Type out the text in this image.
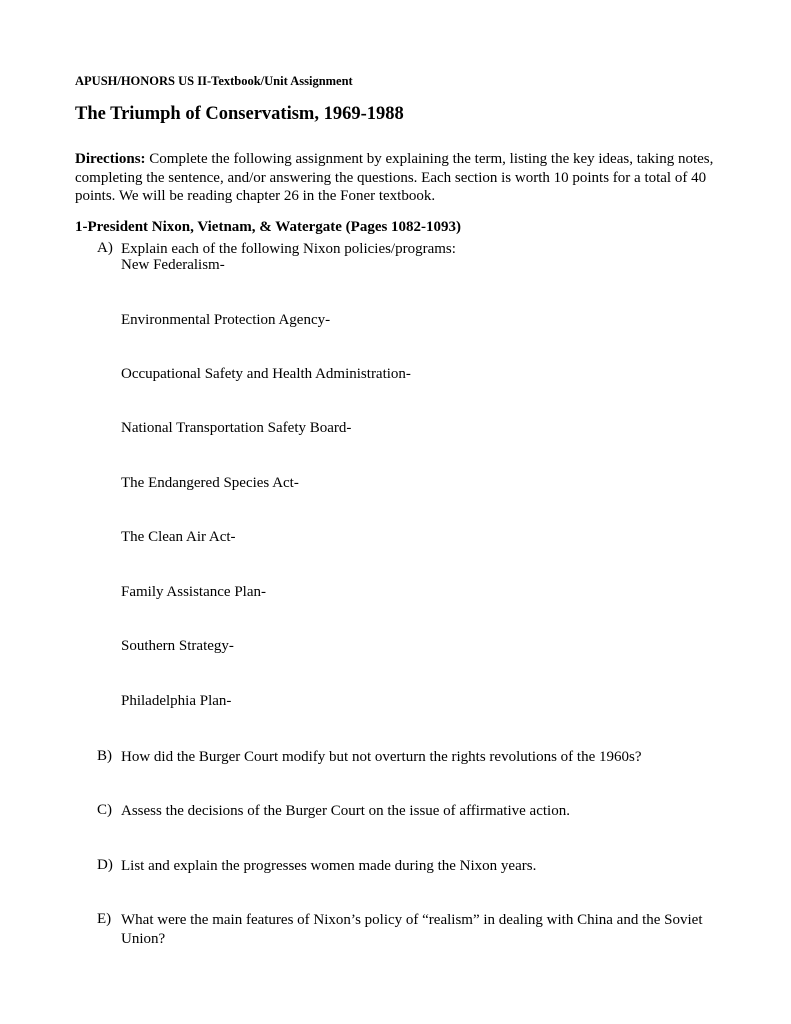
APUSH/HONORS US II-Textbook/Unit Assignment
The Triumph of Conservatism, 1969-1988
Directions: Complete the following assignment by explaining the term, listing the key ideas, taking notes, completing the sentence, and/or answering the questions. Each section is worth 10 points for a total of 40 points. We will be reading chapter 26 in the Foner textbook.
1-President Nixon, Vietnam, & Watergate (Pages 1082-1093)
A) Explain each of the following Nixon policies/programs:
New Federalism-
Environmental Protection Agency-
Occupational Safety and Health Administration-
National Transportation Safety Board-
The Endangered Species Act-
The Clean Air Act-
Family Assistance Plan-
Southern Strategy-
Philadelphia Plan-
B) How did the Burger Court modify but not overturn the rights revolutions of the 1960s?
C) Assess the decisions of the Burger Court on the issue of affirmative action.
D) List and explain the progresses women made during the Nixon years.
E) What were the main features of Nixon’s policy of “realism” in dealing with China and the Soviet Union?
